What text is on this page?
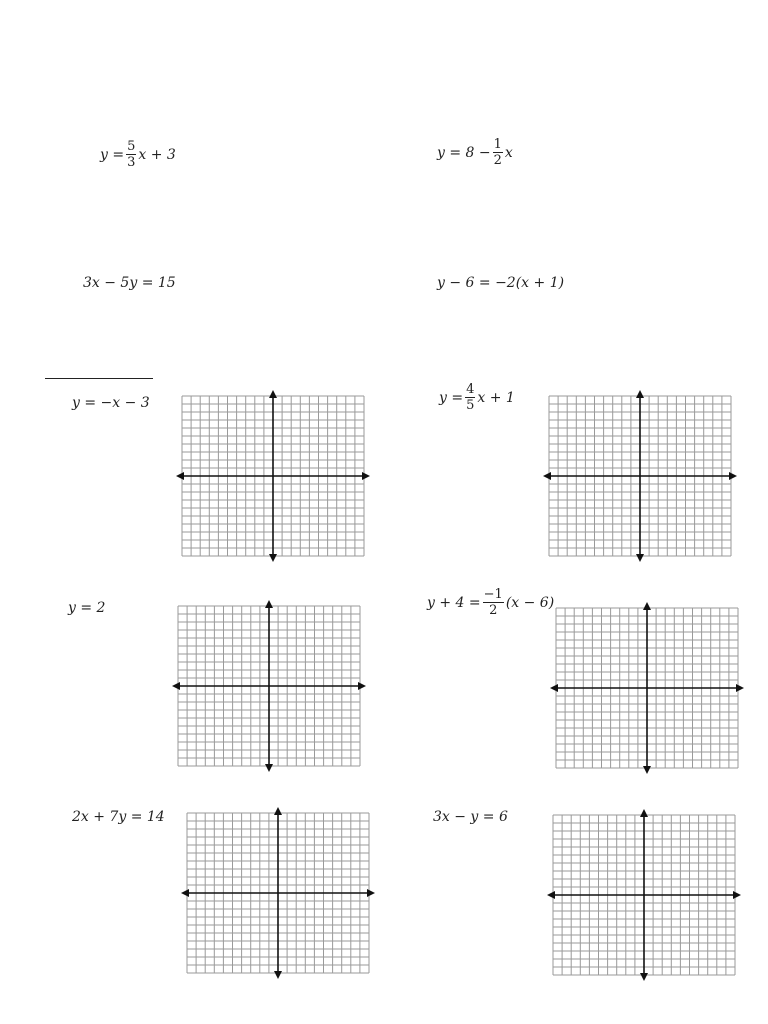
$y = \frac{5}{3}$ x + 3	$y = 8 - \frac{1}{2}$ x
3x − 5y = 15	y − 6 = −2(x + 1)
y = −x − 3	$y = \frac{4}{5}$ x + 1
y = 2	$y + 4 = \frac{-1}{2} (x - 6)$
2x + 7y = 14	3x − y = 6
